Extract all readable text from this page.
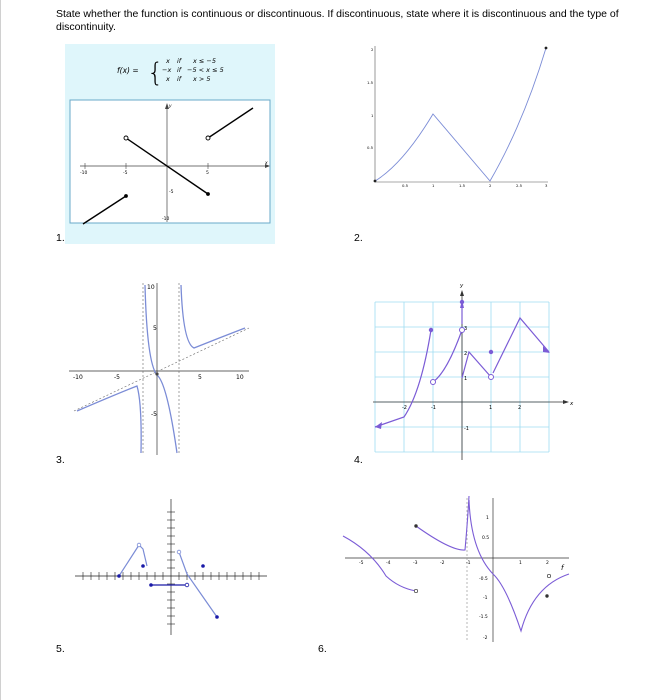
State whether the function is continuous or discontinuous. If discontinuous, state where it is discontinuous and the type of discontinuity.
1.
f(x) = { x if x ≤ −5
−x if −5 < x ≤ 5
x if x > 5
-10	-5	5
x
y
-5
-10
2.
2
1.5
1
0.5
0.5	1	1.5	2	2.5	3
3.
10
5
-5
-10	-5	5	10
4.
y
x
3
2
1
-1
-2	-1	1	2
5.	6.
1
0.5
-0.5
-1
-1.5
-2
-5	-4	-3	-2	-1	1	2
f
